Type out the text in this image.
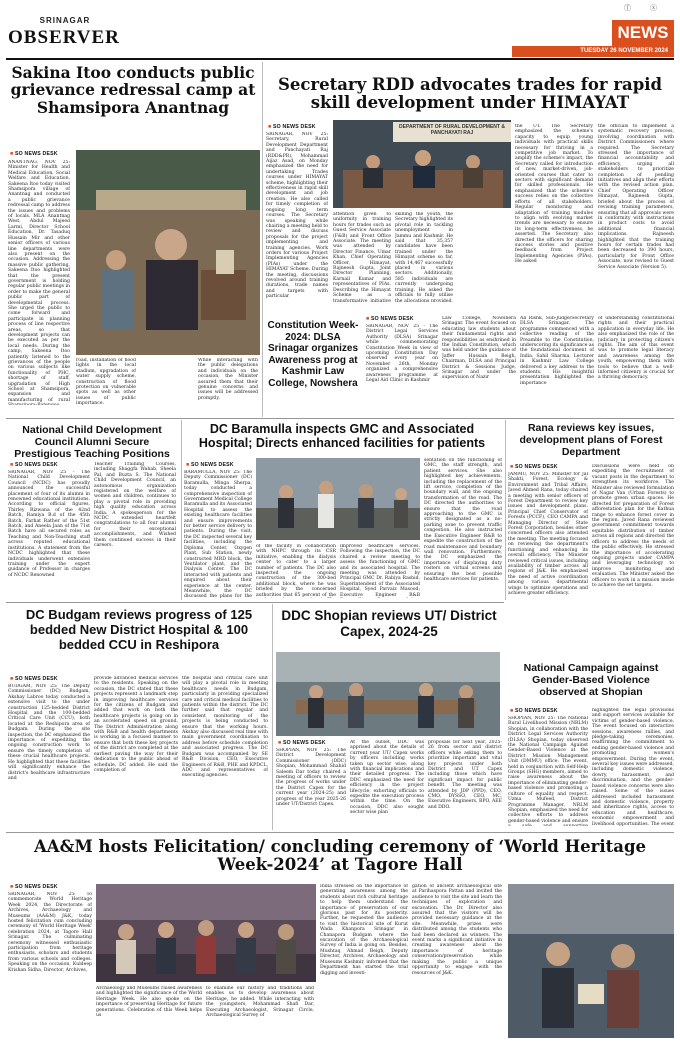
ⓕ	ⓧ
SRINAGAR
OBSERVER	NEWS
TUESDAY 26 NOVEMBER 2024
Sakina Itoo conducts public grievance redressal camp at Shamsipora Anantnag
■ SO NEWS DESK
ANANTNAG, NOV 25: Minister for Health and Medical Education, Social Welfare and Education, Sakeena Itoo today visited Shamsipora village of Anantnag and conducted a public grievance redressal camp to address the issues and problems of locals. MLA Anantnag West, Abdul Majeed Larmi, Director School Education, Dr. Tasaduq Hussain Mir and other senior officers of various line departments were also present on the occasion. Addressing the massive public gathering, Sakeena Itoo highlighted that the present government is holding regular public meetings in order to make the general public part of developmental process. She urged the public to come forward and participate in planning process of line respective areas, so that development projects can be executed as per the local needs. During the camp, Sakeena Itoo patiently listened to the grievances of the people on various subjects like functionality of PHC, shortage of staff, upgradation of High School at Shamsipora, expansion and manufacturing of rural
road, installation of flood lights in the local stadium, upgradation of water supply scheme, construction of flood protection on vulnerable spots as well as other issues of public importance.
While interacting with the public delegations and individuals on the occasion, the Minister assured them that their genuine concerns and issues will be addressed promptly.
Secretary RDD advocates trades for rapid skill development under HIMAYAT
■ SO NEWS DESK
SRINAGAR, NOV 25: Secretary, Rural Development Department and Panchayati Raj (RDD&PR), Mohammad Aijaz Asad, on Monday emphasized the need for undertaking Trades courses under HIMAYAT scheme, highlighting their effectiveness in rapid skill development and job creation. He also called for timely completion of ongoing long term courses. The Secretary was speaking while chairing a meeting held to review and discuss proposals for the project implementing and training agencies. Work orders for various Project Implementing Agencies (PIAs) under the HIMAYAT Scheme. During the meeting, discussions revolved around training durations, trade names and targets with particular
DEPARTMENT OF RURAL DEVELOPMENT & PANCHAYATI RAJ
attention given to uniformity in training hours for trades such as Guest Service Associate (F&B) and Front Office Associate. The meeting was attended by Director Finance, Umar Khan, Chief Operating Officer, Himayat, Rajneesh Gupta, Joint Director Planning, Karnail Kumar and representatives of PIAs. Describing the Himayat Scheme as a transformative initiative
skilling the youth, the Secretary highlighted its pivotal role in tackling unemployment in Jammu and Kashmir. He said that 35,357 candidates have been trained under the Himayat scheme so far, with 14,467 successfully placed in various sectors. Additionally, 585 individuals are currently undergoing training. He asked the officials to fully utilise the allocations provided,
the UT. The Secretary emphasized the scheme's capacity to equip young individuals with practical skills necessary for thriving in a competitive job market. To amplify the scheme's impact, the Secretary called for introduction of new, market-driven, job-oriented courses that cater to sectors with significant demand for skilled professionals. He emphasized that the scheme's success relies on the collective efforts of all stakeholders. Regular monitoring and adaptation of training modules to align with evolving market trends are necessary to ensure its long-term effectiveness, he asserted. The Secretary also directed the officers for sharing success stories and positive feedback from Project Implementing Agencies (PIAs). He asked
the officials to implement a systematic recovery process, involving coordination with District Commissioners where required. The Secretary stressed the importance of financial accountability and efficiency, urging all stakeholders to prioritize completion of pending initiatives and align their efforts with the revised action plan. Chief Operating Officer Himayat, Rajneesh Gupta, briefed about the process of revising training parameters, ensuring that all approvals were in conformity with instructions in product costs to avoid additional financial implications. Rajneesh highlighted that the training hours for certain trades had been decreased to 390 hours, particularly for Front Office Associate, now revised to Guest Service Associate (Version 5).
Constitution Week-2024: DLSA Srinagar organizes Awareness prog at Kashmir Law College, Nowshera
■ SO NEWS DESK
SRINAGAR, NOV 25 - The District Legal Services Authority (DLSA) Srinagar while commemorating Constitution Week in view of upcoming Constitution Day observed every year on November 26th, Monday organized a comprehensive awareness programme at Legal Aid Clinic in Kashmir
Law College, Nowshera Srinagar. The event focused on educating law students about their fundamental rights and responsibilities as enshrined in the Indian Constitution, which was held under the guidance of Jaffer Hussain Beigh, Chairman, DLSA and Principal District & Sessions Judge, Srinagar and under the supervision of Nazir
Ali Rishk, Sub-Judge/Secretary DLSA Srinagar. The programme commenced with a collective reading of the Preamble to the Constitution, underscoring its significance as the foundational document of India. Sahil Sharma, Lecturer in Kashmir Law College delivered a key address to the students. His insightful presentation highlighted the importance
of understanding constitutional rights and their practical application in everyday life. He also emphasized the role of the judiciary in protecting citizen's rights. The aim of this event was to promote legal literacy and awareness among the youth, empowering them with tools to believe that a well-informed citizenry is crucial for a thriving democracy.
National Child Development Council Alumni Secure Prestigious Teaching Positions
■ SO NEWS DESK
SRINAGAR, NOV 25 - The National Child Development Council (NCDC) has proudly announced the successful placement of four of its alumni in renowned educational institutions. According to official figures, Thirley Rizwana of the 42nd Batch, Ramiya B.d of the 45th Batch, Farhat Rather of the 51st Batch, and Aneela Jaan of the 71st Batch have all secured roles as Teaching and Non-Teaching staff across reputed educational institutions. A statement from the NCDC highlighted that these individuals underwent extensive training under the expert guidance of Professor in charges of NCDC Renowned
Teacher Training Courses, including Shaggfa Wahab, Sheela Pal, and Buzta S. The National Child Development Council, an autonomous organization registered on the welfare of women and children, continues to play a pivotal role in providing high quality education across India. A spokesperson for the NCDC extended heartfelt congratulations to all four alumni for their exceptional accomplishments, and Wished them continued success in their careers.
DC Baramulla inspects GMC and Associated Hospital; Directs enhanced facilities for patients
■ SO NEWS DESK
BARAMULLA, NOV 25: The Deputy Commissioner (DC) Baramulla, Minga Sherpa, today conducted a comprehensive inspection of Government Medical College Baramulla and its Associated Hospital to assess the existing healthcare facilities and ensure improvements for better service delivery to patients. During the visit, the DC inspected several key facilities, including the Diploma Center, Oxygen Plant, Sub Station, newly constructed MRD block, the Ventilator plant, and the Dialysis Center. The DC interacted with patients and enquired about their experience at the center. Meanwhile, the DC discussed the plans for the
of the facility in collaboration with NHPC through its CSR initiative, enabling the dialysis center to cater to a larger number of patients. The DC also inspected the ongoing construction of the 300-bed additional block, where he was briefed by the concerned authorities that 65 percent of the
improved healthcare services. Following the inspection, the DC chaired a review meeting to assess the functioning of GMC and its associated hospital. The meeting was attended by Principal GMC Dr. Rabiya Rashid, Superintendent of the Associated Hospital, Syed Parvaiz Masood; Executive Engineer R&B
sentation on the functioning of GMC, the staff strength, and patient services. She also highlighted key achievements, including the replacement of the lift service, completion of the boundary wall, and the ongoing transformation of the road. The DC directed the authorities to ensure that the road approaching to the GMC is strictly designated as a no-parking zone to prevent traffic congestion. He also instructed the Executive Engineer R&B to expedite the construction of the road maintenance and boundary wall renovation. Furthermore, the DC emphasized the importance of displaying duty rosters on virtual screens and ensuring the best possible healthcare services for patients.
Rana reviews key issues, development plans of Forest Department
■ SO NEWS DESK
JAMMU, NOV 25: Minister for Jal Shakti, Forest, Ecology & Environment and Tribal Affairs, Javed Ahmed Rana, today chaired a meeting with senior officers of Forest Department to review key issues and development plans. Principal Chief Conservator of Forests (PCCF), CEO CAMPA and Managing Director of State Forest Corporation, besides other concerned officers also attended the meeting. The meeting focused on reviewing the department's functioning and enhancing its overall efficiency. The Minister reviewed critical issues, including availability of timber across all regions of J&K. He emphasized the need of active coordination among various departmental wings to optimize operations and achieve greater efficiency.
Discussions were held on expediting the recruitment of vacant posts in the department to strengthen its workforce. The Minister also reviewed formulation of Nagar Van (Urban Forests) to promote green urban spaces. He directed for preparation of Forest afforestation plan for the Kathua range to enhance forest cover in the region. Javed Rana reviewed government commitment towards equitable distribution of timber across all regions and directed the officers to address the needs of the public effectively. He stressed the importance of accelerating ongoing projects under CAMPA and leveraging technology to improve monitoring and evaluation. The Minister asked the officers to work in a mission mode to achieve the set targets.
DC Budgam reviews progress of 125 bedded New District Hospital & 100 bedded CCU in Reshipora
■ SO NEWS DESK
BUDGAM, NOV 25: The Deputy Commissioner (DC) Budgam, Akshay Labroo today conducted a extensive visit to the under construction 125-bedded District Hospital and the 100-bedded Critical Care Unit (CCU), both located at the Reshipora area of Budgam. During the site inspection, the DC emphasized the importance of expediting the ongoing construction work to ensure the timely completion of these crucial healthcare projects. He highlighted that these facilities will significantly enhance the district's healthcare infrastructure and
provide advanced medical services to the residents. Speaking on the occasion, the DC stated that these projects represent a landmark step in improving healthcare services for the citizens of Budgam and added that work on both the healthcare projects is going on in an accelerated speed on ground. The District Administration along with R&B and health departments is working in a focused manner to ensure that both these key projects of the district are completed at the earliest paving the way for their dedication to the public ahead of schedule, DC added. He said the completion of
the hospital and critical care unit will play a pivotal role in meeting healthcare needs in Budgam, particularly in providing specialized care and critical medical facilities to patients within the district. The DC further said that regular and consistent monitoring of the projects is being conducted to ensure that the working hours. Akshay also discussed real time with main government coordination to address before schedule completion and associated progress. The DC Budgam was accompanied by SE R&B Division, CEO, Executive Engineers of R&B, PHE and KPDCL, ADC and representatives of executing agencies.
DDC Shopian reviews UT/ District Capex, 2024-25
■ SO NEWS DESK
SHOPIAN, NOV 25: The District Development Commissioner (DDC) Shopian, Mohammad Shahid Saleem Dar today chaired a meeting of officers to review the progress of works under the District Capex for the current year (2024-25) and progress of the year 2025-26 under UT/District Capex.
At the outset, DDC was apprised about the details of current year UT/ Capex works by officers including works taken up sector wise, along with financial implications and their detailed progress. The DDC emphasized the need for efficiency in the project lifecycle, exhorting officials to expedite the execution process within the time. On the occasion, DDC also sought sector wise plan
proposals for next year, 2025-26 from sector and district officers while asking them to prioritize important and vital key projects under both District and UT Capex including those which have significant impact for public benefit. The meeting was attended by JDP (PPD), CEO, CMO, DYSSO, CEO, MC, Executive Engineers, BPO, AEE and DDO.
National Campaign against Gender-Based Violence observed at Shopian
■ SO NEWS DESK
SHOPIAN, NOV 25: The National Rural Livelihood Mission (NRLM) Shopian, in collaboration with the District Legal Services Authority (DLSA) Shopian, today observed the National Campaign Against Gender-Based Violence at the District Mission Management Unit (DMMU) office. The event, held in conjunction with Self-Help Groups (SHG) members, aimed to raise awareness about the importance of eliminating gender-based violence and promoting a culture of equality and respect. Uzma Mufeed, District Programme Manager, NRLM Shopian, emphasized the need for collective efforts to address gender-based violence and ensure
highlighted the legal provisions and support services available for victims of gender-based violence. The event focused on interactive sessions, awareness rallies, and pledge-taking ceremonies, reaffirming the commitment to ending gender-based violence and promoting women's empowerment. During the event, several key issues were addressed, including domestic violence, dowry, harassment, and discrimination, and the gender-based violence concerns were also raised. Some of the issues addressed included harassment and domestic violence, property and inheritance rights, access to education and healthcare, economic empowerment and livelihood opportunities. The event
AA&M hosts Felicitation/ concluding ceremony of ‘World Heritage Week-2024’ at Tagore Hall
■ SO NEWS DESK
SRINAGAR, NOV 25: To commemorate World Heritage Week 2024, the Directorate of Archives, Archaeology and Museums (AA&M) J&K, today hosted felicitation cum concluding ceremony of 'World Heritage Week' celebration 2024, at Tagore Hall Srinagar. The culminating ceremony witnessed enthusiastic participation from heritage enthusiasts, scholars and students from various schools and colleges. Speaking on the occasion, Kuldeep Krishan Sidha, Director, Archives,
Archaeology and Museums raised awareness and highlighted the significance of the World Heritage Week. He also spoke on the importance of preserving Heritage for future generations. Celebration of this Week helps us
to examine our history and traditions and enables us to develop awareness about Heritage, he added. While interacting with the youngsters, Mohammad Shafi Dar, Executing Archaeologist, Srinagar Circle, Archaeological Survey of
India stressed on the importance of generating awareness among the students about rich cultural heritage to help them understand the importance of preservation of our glorious past for its posterity. Further, he requested the audience to visit the historical site of Kurut Wada Khanpora Srinagar in Chanapora Budgam where the excavation of the Archaeological Survey of India is going on. Besides, Mushtaq Ahmad Beigh, Deputy Director, Archives, Archaeology and Museums Kashmir, informed that the Department has started the trial digging and investi-
gation of ancient archaeological site at Parihaspora Pattan and invited the audience to visit the site and learn the techniques of exploration and excavation. The Dr. Director also assured that the visitors will be provided necessary guidance at the site. Meanwhile, prizes were distributed among the students who had been declared as winners. The event marks a significant initiative in creating awareness about the importance of heritage conservation/preservation while making the public a unique opportunity to engage with the resources of J&K.
